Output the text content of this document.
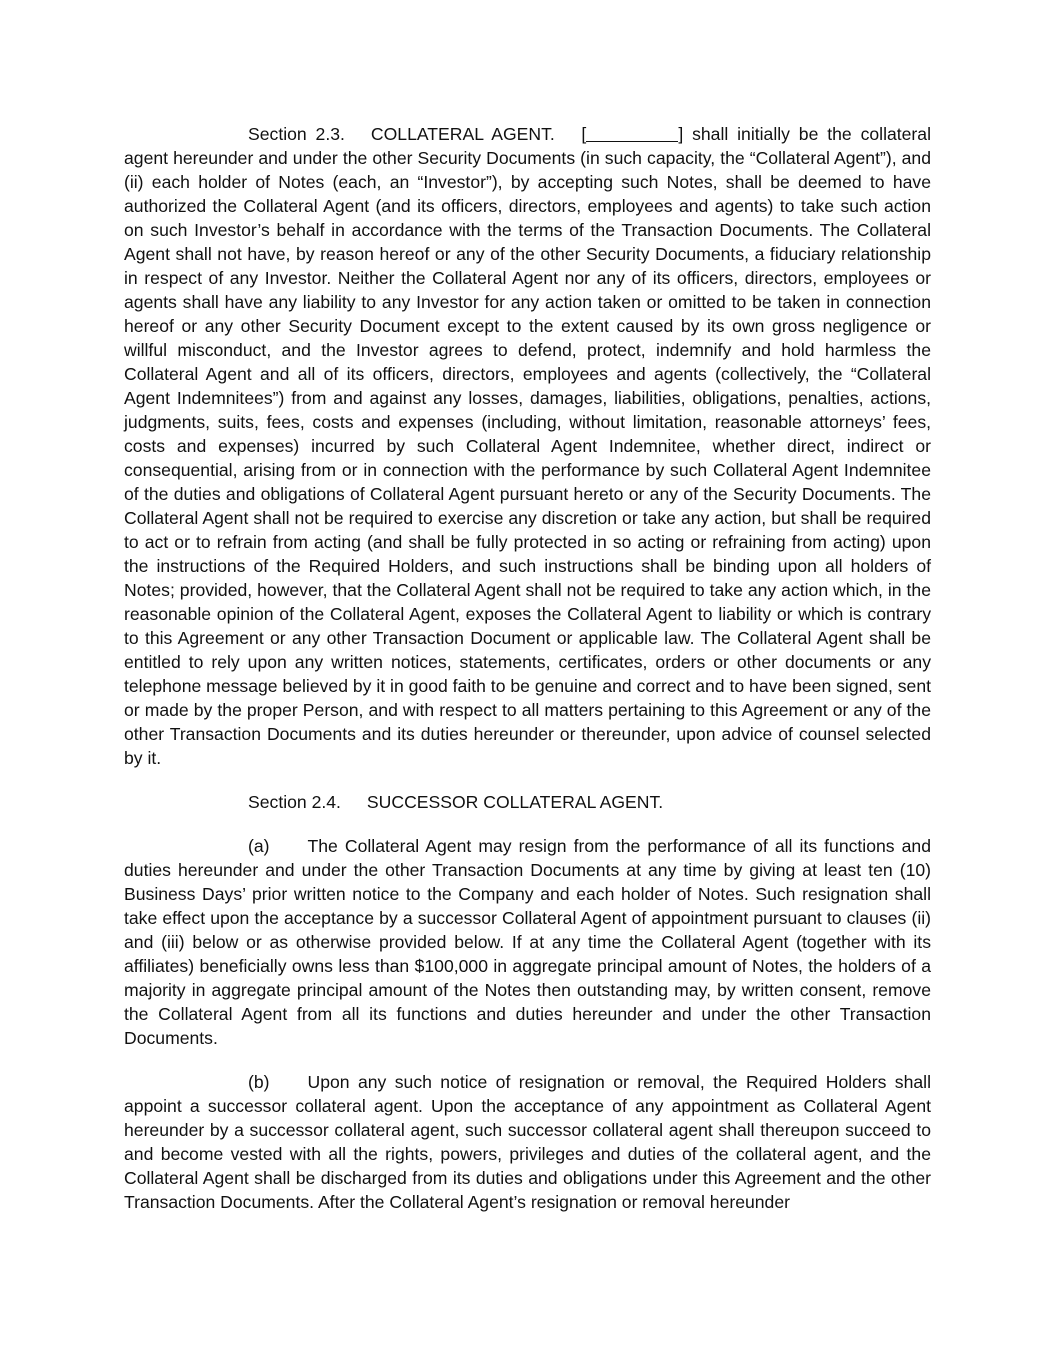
Section 2.3. COLLATERAL AGENT. [	] shall initially be the collateral agent hereunder and under the other Security Documents (in such capacity, the “Collateral Agent”), and (ii) each holder of Notes (each, an “Investor”), by accepting such Notes, shall be deemed to have authorized the Collateral Agent (and its officers, directors, employees and agents) to take such action on such Investor’s behalf in accordance with the terms of the Transaction Documents. The Collateral Agent shall not have, by reason hereof or any of the other Security Documents, a fiduciary relationship in respect of any Investor. Neither the Collateral Agent nor any of its officers, directors, employees or agents shall have any liability to any Investor for any action taken or omitted to be taken in connection hereof or any other Security Document except to the extent caused by its own gross negligence or willful misconduct, and the Investor agrees to defend, protect, indemnify and hold harmless the Collateral Agent and all of its officers, directors, employees and agents (collectively, the “Collateral Agent Indemnitees”) from and against any losses, damages, liabilities, obligations, penalties, actions, judgments, suits, fees, costs and expenses (including, without limitation, reasonable attorneys’ fees, costs and expenses) incurred by such Collateral Agent Indemnitee, whether direct, indirect or consequential, arising from or in connection with the performance by such Collateral Agent Indemnitee of the duties and obligations of Collateral Agent pursuant hereto or any of the Security Documents. The Collateral Agent shall not be required to exercise any discretion or take any action, but shall be required to act or to refrain from acting (and shall be fully protected in so acting or refraining from acting) upon the instructions of the Required Holders, and such instructions shall be binding upon all holders of Notes; provided, however, that the Collateral Agent shall not be required to take any action which, in the reasonable opinion of the Collateral Agent, exposes the Collateral Agent to liability or which is contrary to this Agreement or any other Transaction Document or applicable law. The Collateral Agent shall be entitled to rely upon any written notices, statements, certificates, orders or other documents or any telephone message believed by it in good faith to be genuine and correct and to have been signed, sent or made by the proper Person, and with respect to all matters pertaining to this Agreement or any of the other Transaction Documents and its duties hereunder or thereunder, upon advice of counsel selected by it.

Section 2.4. SUCCESSOR COLLATERAL AGENT.

(a) The Collateral Agent may resign from the performance of all its functions and duties hereunder and under the other Transaction Documents at any time by giving at least ten (10) Business Days’ prior written notice to the Company and each holder of Notes. Such resignation shall take effect upon the acceptance by a successor Collateral Agent of appointment pursuant to clauses (ii) and (iii) below or as otherwise provided below. If at any time the Collateral Agent (together with its affiliates) beneficially owns less than $100,000 in aggregate principal amount of Notes, the holders of a majority in aggregate principal amount of the Notes then outstanding may, by written consent, remove the Collateral Agent from all its functions and duties hereunder and under the other Transaction Documents.

(b) Upon any such notice of resignation or removal, the Required Holders shall appoint a successor collateral agent. Upon the acceptance of any appointment as Collateral Agent hereunder by a successor collateral agent, such successor collateral agent shall thereupon succeed to and become vested with all the rights, powers, privileges and duties of the collateral agent, and the Collateral Agent shall be discharged from its duties and obligations under this Agreement and the other Transaction Documents. After the Collateral Agent’s resignation or removal hereunder
